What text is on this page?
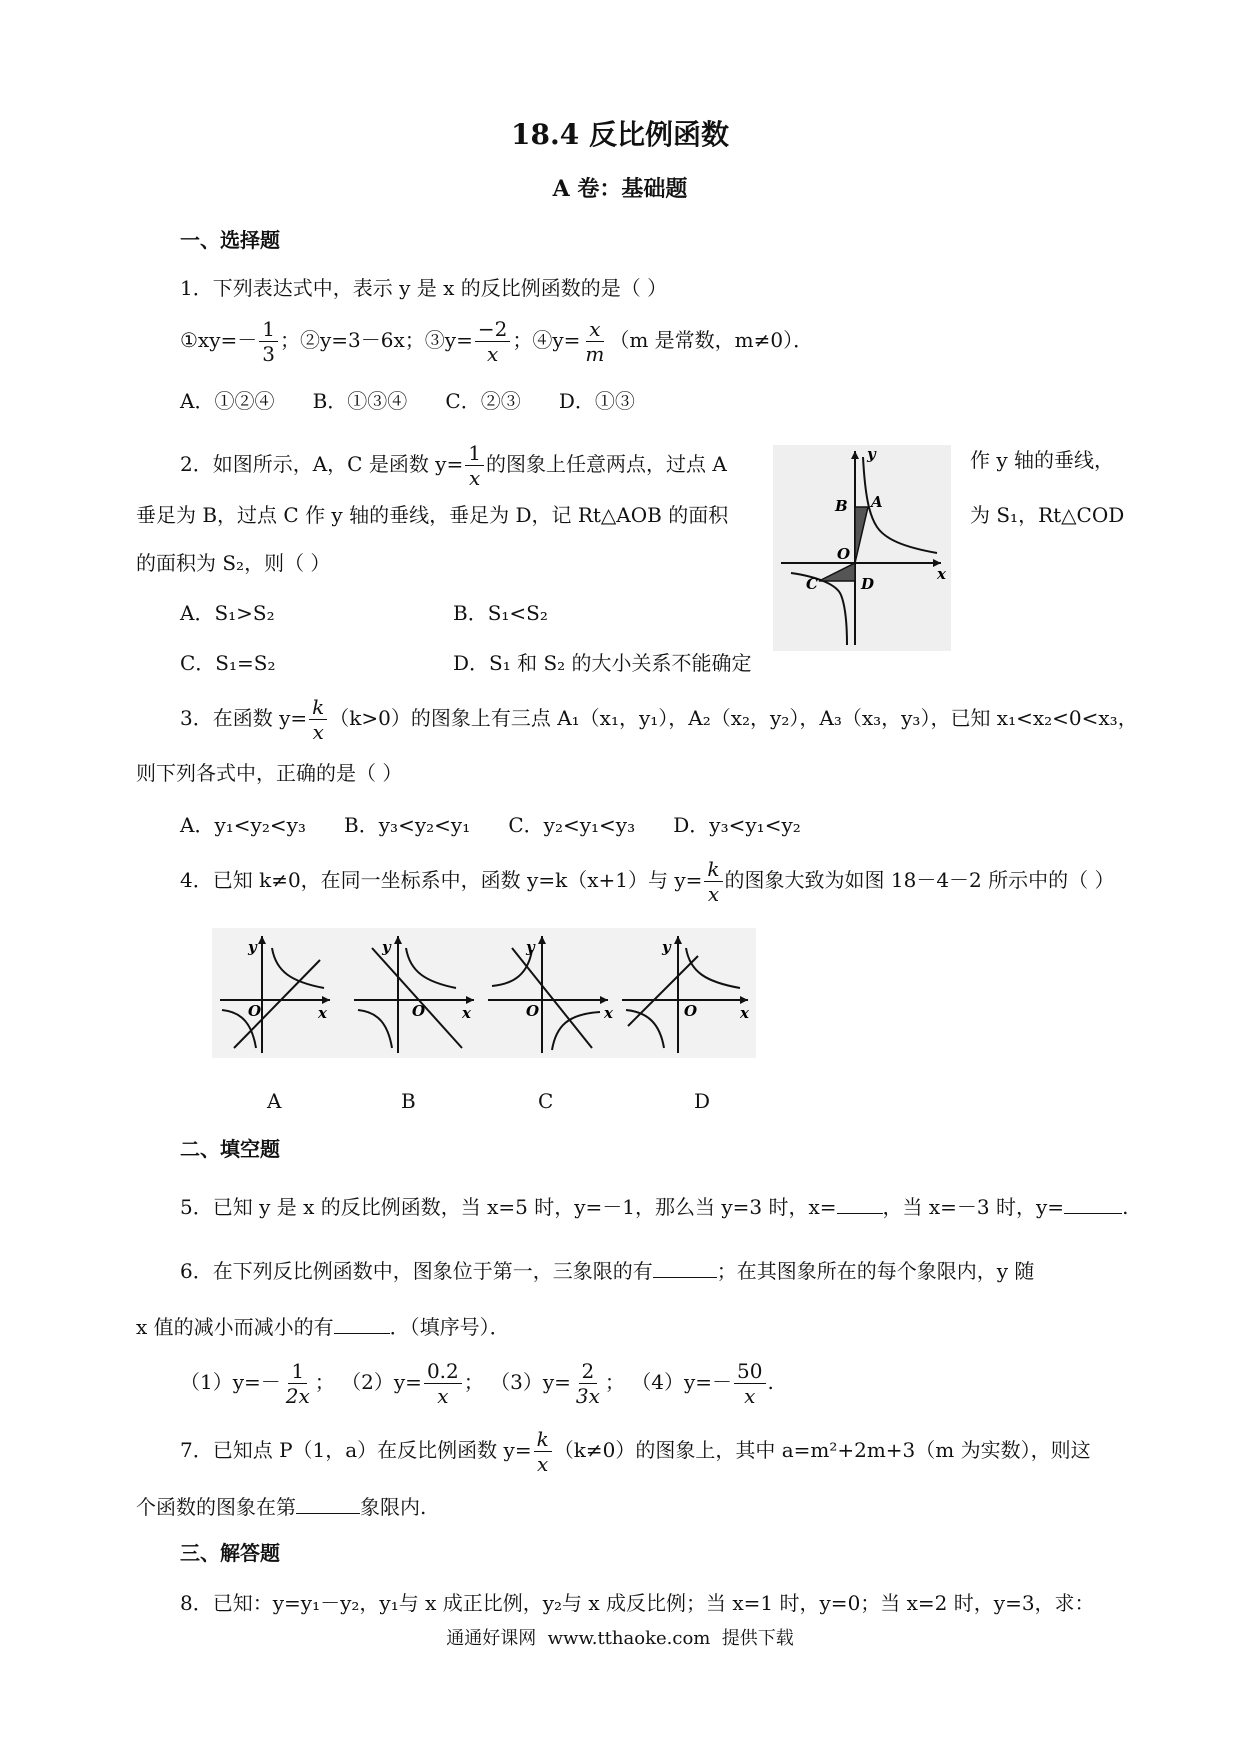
18.4 反比例函数
A 卷：基础题
一、选择题
1．下列表达式中，表示 y 是 x 的反比例函数的是（ ）
①xy=－ $\frac{1}{3}$ ；②y=3－6x；③y= $\frac{-2}{x}$ ；④y= $\frac{x}{m} (m$ 是常数，m≠0）．
A．①②④      B．①③④      C．②③      D．①③
2．如图所示，A，C 是函数 $y= \frac{1}{x}$ 的图象上任意两点，过点 A	作 y 轴的垂线，
垂足为 B，过点 C 作 y 轴的垂线，垂足为 D，记 Rt△AOB 的面积	为 S₁，Rt△COD
的面积为 S₂，则（ ）
A．S₁>S₂	B．S₁<S₂
C．S₁=S₂	D．S₁ 和 S₂ 的大小关系不能确定
B A
O
C	D
y
x
3．在函数 $y= \frac{k}{x} (k>0)$的图象上有三点 A₁（x₁，y₁），A₂（x₂，y₂），A₃（x₃，y₃），已知 x₁<x₂<0<x₃，
则下列各式中，正确的是（ ）
A．y₁<y₂<y₃      B．y₃<y₂<y₁      C．y₂<y₁<y₃      D．y₃<y₁<y₂
4．已知 k≠0，在同一坐标系中，函数 y=k（x+1）与 $y= \frac{k}{x}$ 的图象大致为如图 18－4－2 所示中的（ ）
O
y
x	O
y
x	O
y
x	O
y
x
A	B	C	D
二、填空题
5．已知 y 是 x 的反比例函数，当 x=5 时，y=－1，那么当 y=3 时，x= ，当 x=－3 时，y=	.
6．在下列反比例函数中，图象位于第一，三象限的有	；在其图象所在的每个象限内，y 随
x 值的减小而减小的有	．（填序号）．
$(1)y=- \frac{1}{2x}$ ； $(2)y= \frac{0.2}{x}$ ； $(3)y= \frac{2}{3x}$ ； $(4)y=- \frac{50}{x}$ .
7．已知点 P（1，a）在反比例函数 $y= \frac{k}{x} (k\ne 0)$的图象上，其中 a=m²+2m+3（m 为实数），则这
个函数的图象在第	象限内.
三、解答题
8．已知：y=y₁－y₂，y₁与 x 成正比例，y₂与 x 成反比例；当 x=1 时，y=0；当 x=2 时，y=3，求：
通通好课网  www.tthaoke.com  提供下载
